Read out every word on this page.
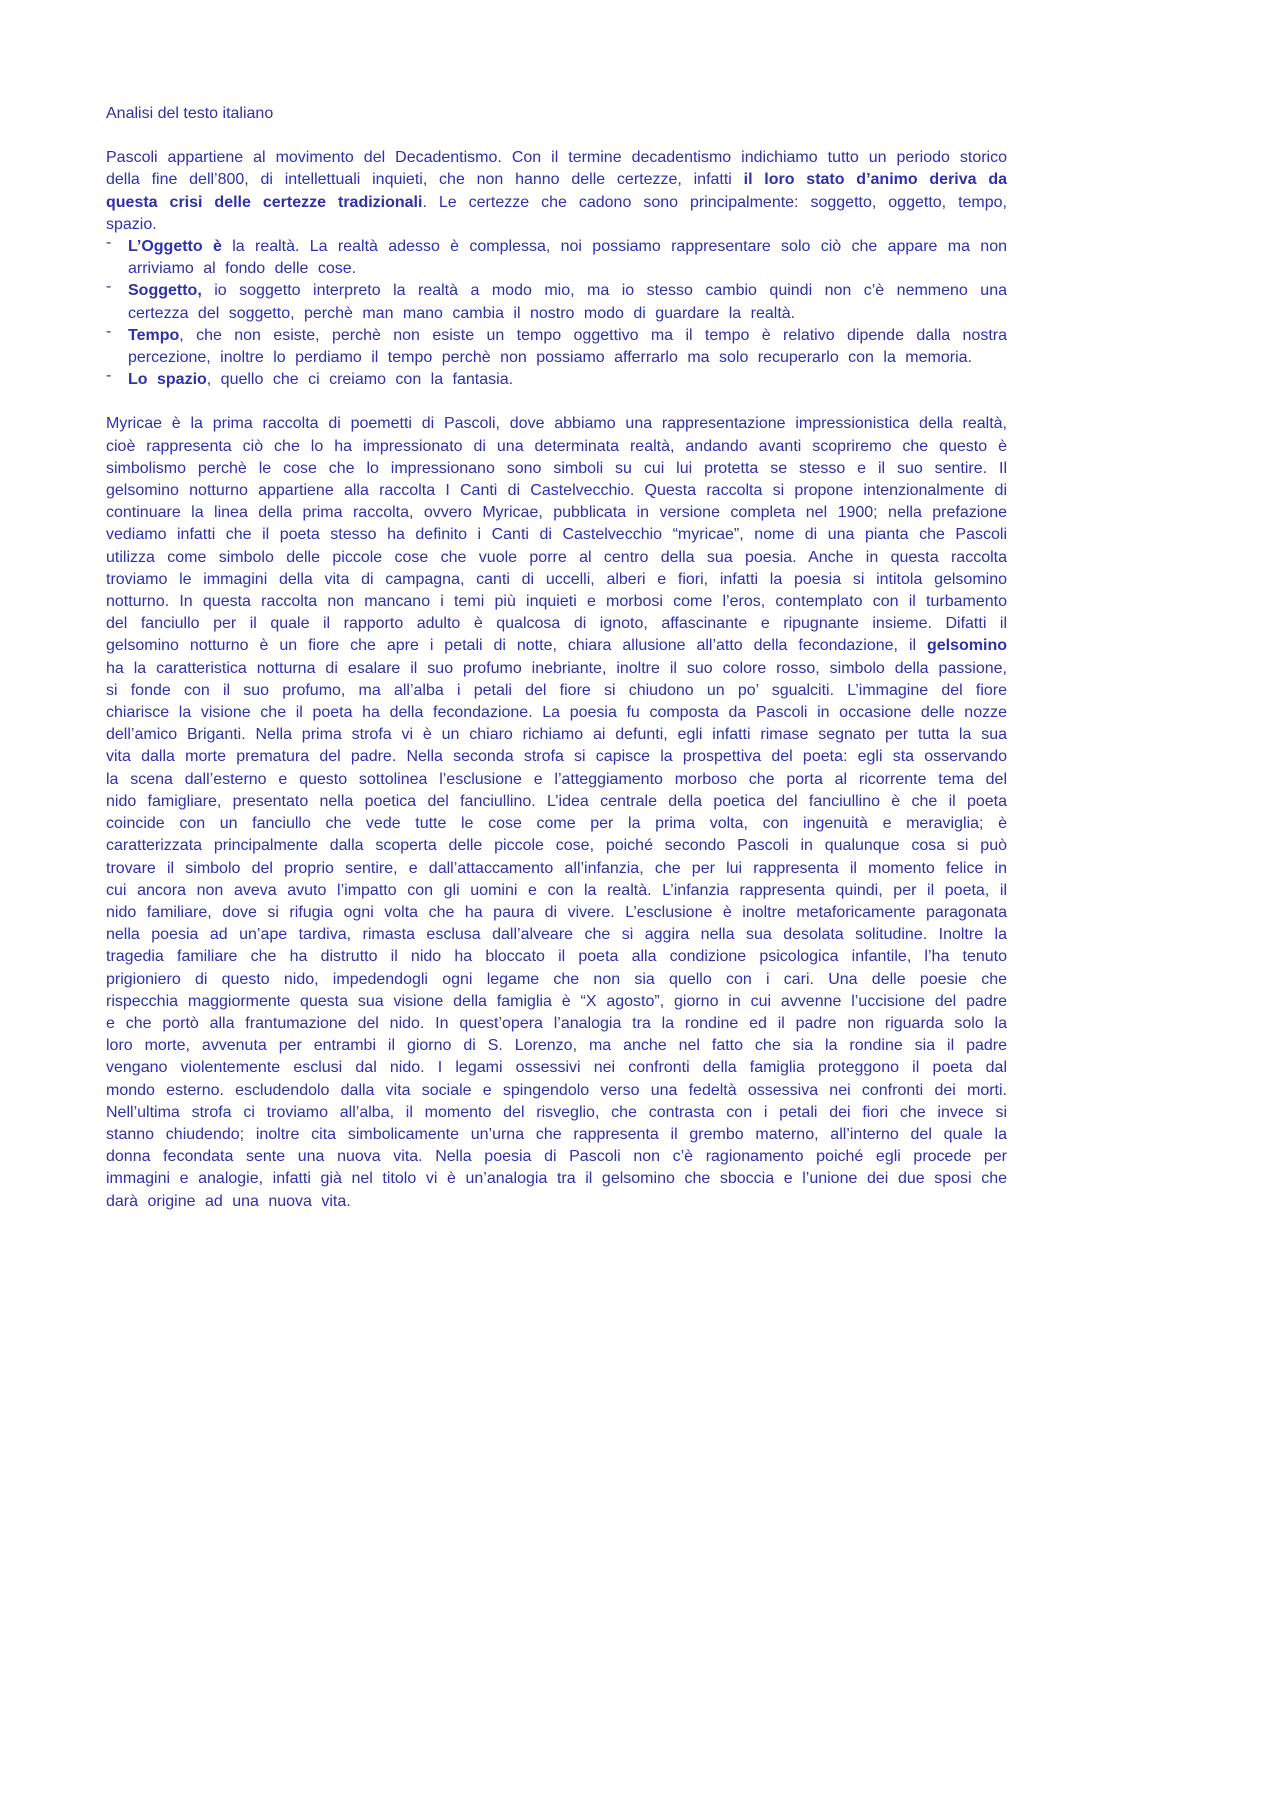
Analisi del testo italiano

Pascoli appartiene al movimento del Decadentismo. Con il termine decadentismo indichiamo tutto un periodo storico della fine dell’800, di intellettuali inquieti, che non hanno delle certezze, infatti il loro stato d’animo deriva da questa crisi delle certezze tradizionali. Le certezze che cadono sono principalmente: soggetto, oggetto, tempo, spazio.

-	L’Oggetto è la realtà. La realtà adesso è complessa, noi possiamo rappresentare solo ciò che appare ma non arriviamo al fondo delle cose.
-	Soggetto, io soggetto interpreto la realtà a modo mio, ma io stesso cambio quindi non c’è nemmeno una certezza del soggetto, perchè man mano cambia il nostro modo di guardare la realtà.
-	Tempo, che non esiste, perchè non esiste un tempo oggettivo ma il tempo è relativo dipende dalla nostra percezione, inoltre lo perdiamo il tempo perchè non possiamo afferrarlo ma solo recuperarlo con la memoria.
-	Lo spazio, quello che ci creiamo con la fantasia.

Myricae è la prima raccolta di poemetti di Pascoli, dove abbiamo una rappresentazione impressionistica della realtà, cioè rappresenta ciò che lo ha impressionato di una determinata realtà, andando avanti scopriremo che questo è simbolismo perchè le cose che lo impressionano sono simboli su cui lui protetta se stesso e il suo sentire. Il gelsomino notturno appartiene alla raccolta I Canti di Castelvecchio. Questa raccolta si propone intenzionalmente di continuare la linea della prima raccolta, ovvero Myricae, pubblicata in versione completa nel 1900; nella prefazione vediamo infatti che il poeta stesso ha definito i Canti di Castelvecchio “myricae”, nome di una pianta che Pascoli utilizza come simbolo delle piccole cose che vuole porre al centro della sua poesia. Anche in questa raccolta troviamo le immagini della vita di campagna, canti di uccelli, alberi e fiori, infatti la poesia si intitola gelsomino notturno. In questa raccolta non mancano i temi più inquieti e morbosi come l’eros, contemplato con il turbamento del fanciullo per il quale il rapporto adulto è qualcosa di ignoto, affascinante e ripugnante insieme. Difatti il gelsomino notturno è un fiore che apre i petali di notte, chiara allusione all’atto della fecondazione, il gelsomino ha la caratteristica notturna di esalare il suo profumo inebriante, inoltre il suo colore rosso, simbolo della passione, si fonde con il suo profumo, ma all’alba i petali del fiore si chiudono un po’ sgualciti. L’immagine del fiore chiarisce la visione che il poeta ha della fecondazione. La poesia fu composta da Pascoli in occasione delle nozze dell’amico Briganti. Nella prima strofa vi è un chiaro richiamo ai defunti, egli infatti rimase segnato per tutta la sua vita dalla morte prematura del padre. Nella seconda strofa si capisce la prospettiva del poeta: egli sta osservando la scena dall’esterno e questo sottolinea l’esclusione e l’atteggiamento morboso che porta al ricorrente tema del nido famigliare, presentato nella poetica del fanciullino. L’idea centrale della poetica del fanciullino è che il poeta coincide con un fanciullo che vede tutte le cose come per la prima volta, con ingenuità e meraviglia; è caratterizzata principalmente dalla scoperta delle piccole cose, poiché secondo Pascoli in qualunque cosa si può trovare il simbolo del proprio sentire, e dall’attaccamento all’infanzia, che per lui rappresenta il momento felice in cui ancora non aveva avuto l’impatto con gli uomini e con la realtà. L’infanzia rappresenta quindi, per il poeta, il nido familiare, dove si rifugia ogni volta che ha paura di vivere. L’esclusione è inoltre metaforicamente paragonata nella poesia ad un’ape tardiva, rimasta esclusa dall’alveare che si aggira nella sua desolata solitudine. Inoltre la tragedia familiare che ha distrutto il nido ha bloccato il poeta alla condizione psicologica infantile, l’ha tenuto prigioniero di questo nido, impedendogli ogni legame che non sia quello con i cari. Una delle poesie che rispecchia maggiormente questa sua visione della famiglia è “X agosto”, giorno in cui avvenne l’uccisione del padre e che portò alla frantumazione del nido. In quest’opera l’analogia tra la rondine ed il padre non riguarda solo la loro morte, avvenuta per entrambi il giorno di S. Lorenzo, ma anche nel fatto che sia la rondine sia il padre vengano violentemente esclusi dal nido. I legami ossessivi nei confronti della famiglia proteggono il poeta dal mondo esterno. escludendolo dalla vita sociale e spingendolo verso una fedeltà ossessiva nei confronti dei morti. Nell’ultima strofa ci troviamo all’alba, il momento del risveglio, che contrasta con i petali dei fiori che invece si stanno chiudendo; inoltre cita simbolicamente un’urna che rappresenta il grembo materno, all’interno del quale la donna fecondata sente una nuova vita. Nella poesia di Pascoli non c’è ragionamento poiché egli procede per immagini e analogie, infatti già nel titolo vi è un’analogia tra il gelsomino che sboccia e l’unione dei due sposi che darà origine ad una nuova vita.
